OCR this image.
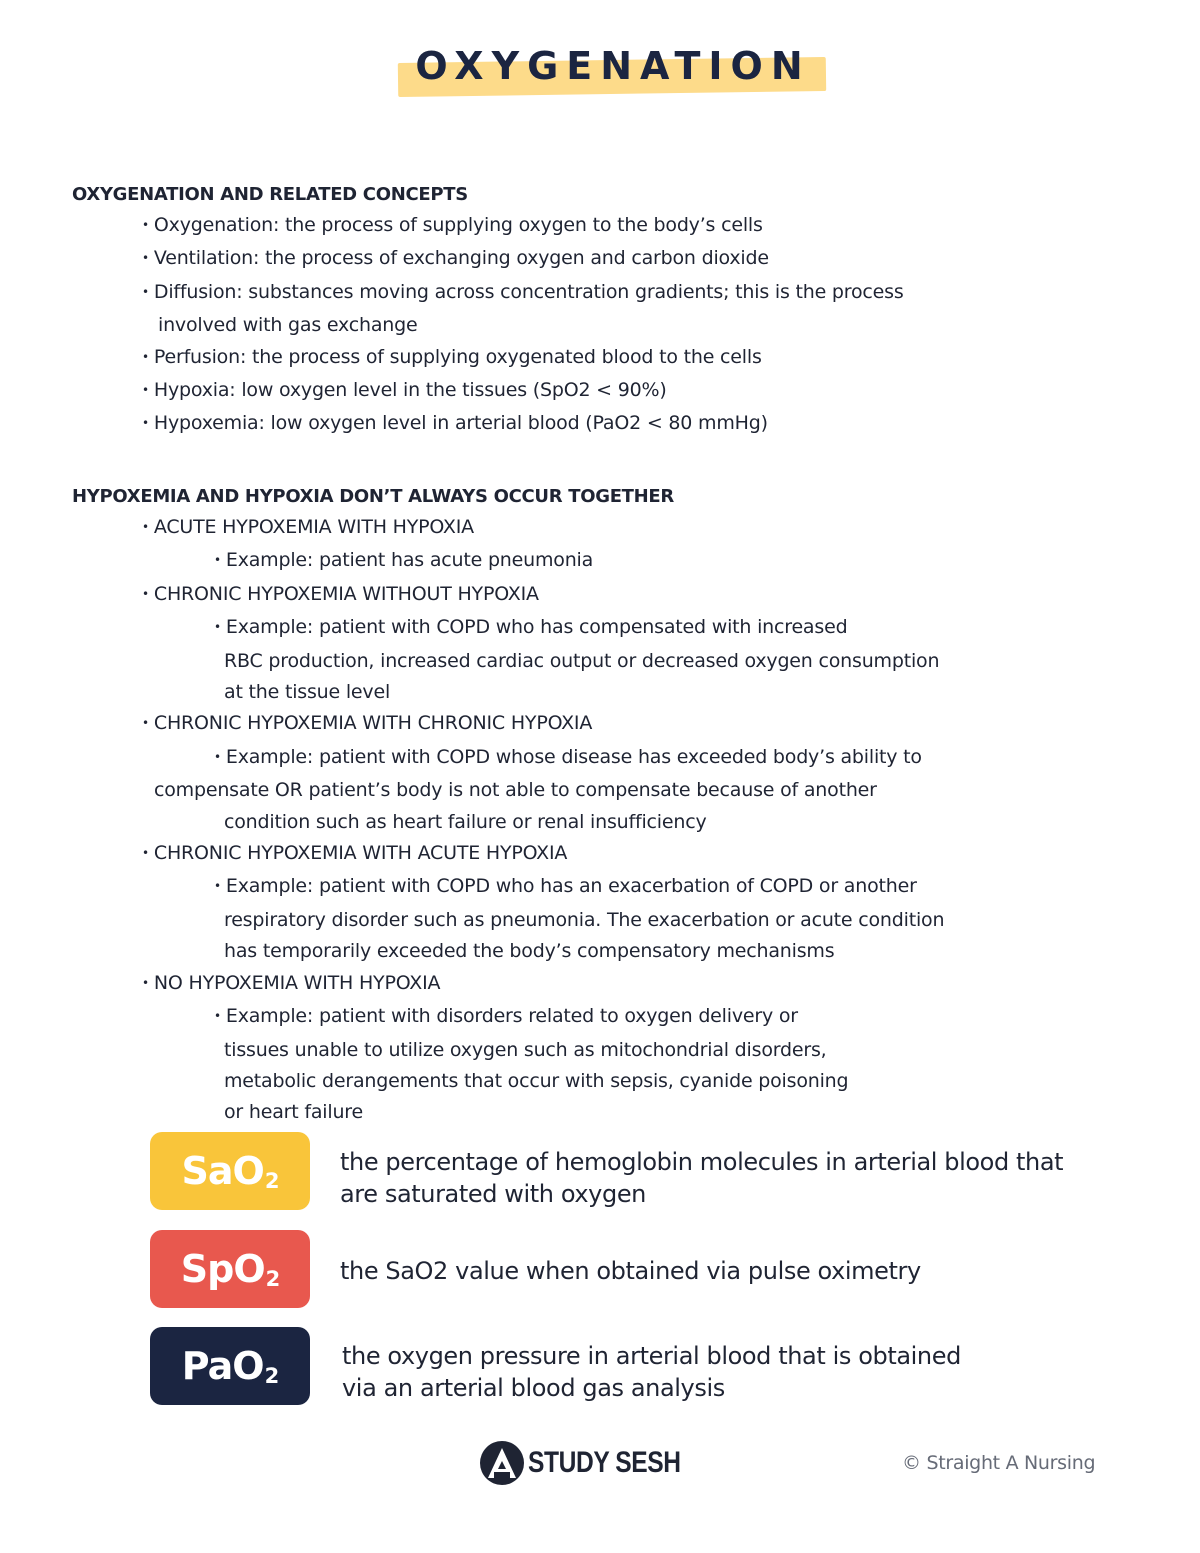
OXYGENATION
OXYGENATION AND RELATED CONCEPTS
• Oxygenation: the process of supplying oxygen to the body’s cells
• Ventilation: the process of exchanging oxygen and carbon dioxide
• Diffusion: substances moving across concentration gradients; this is the process
involved with gas exchange
• Perfusion: the process of supplying oxygenated blood to the cells
• Hypoxia: low oxygen level in the tissues (SpO2 < 90%)
• Hypoxemia: low oxygen level in arterial blood (PaO2 < 80 mmHg)
HYPOXEMIA AND HYPOXIA DON’T ALWAYS OCCUR TOGETHER
• ACUTE HYPOXEMIA WITH HYPOXIA
• Example: patient has acute pneumonia
• CHRONIC HYPOXEMIA WITHOUT HYPOXIA
• Example: patient with COPD who has compensated with increased
RBC production, increased cardiac output or decreased oxygen consumption
at the tissue level
• CHRONIC HYPOXEMIA WITH CHRONIC HYPOXIA
• Example: patient with COPD whose disease has exceeded body’s ability to
compensate OR patient’s body is not able to compensate because of another
condition such as heart failure or renal insufficiency
• CHRONIC HYPOXEMIA WITH ACUTE HYPOXIA
• Example: patient with COPD who has an exacerbation of COPD or another
respiratory disorder such as pneumonia. The exacerbation or acute condition
has temporarily exceeded the body’s compensatory mechanisms
• NO HYPOXEMIA WITH HYPOXIA
• Example: patient with disorders related to oxygen delivery or
tissues unable to utilize oxygen such as mitochondrial disorders,
metabolic derangements that occur with sepsis, cyanide poisoning
or heart failure
SaO$_2$
the percentage of hemoglobin molecules in arterial blood that
are saturated with oxygen
SpO$_2$	the SaO2 value when obtained via pulse oximetry
PaO$_2$
the oxygen pressure in arterial blood that is obtained
via an arterial blood gas analysis
STUDY SESH	© Straight A Nursing
